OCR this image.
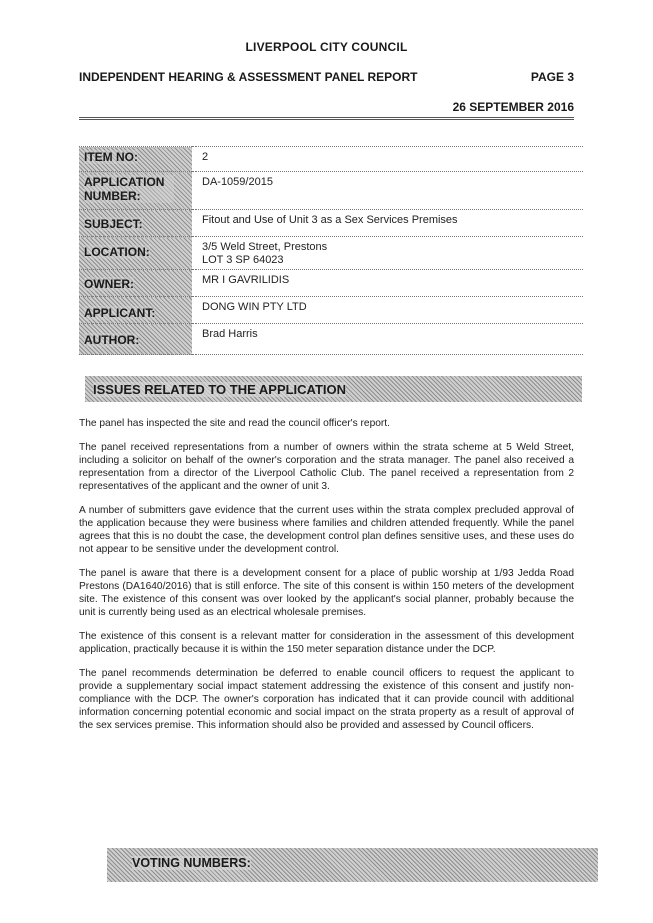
LIVERPOOL CITY COUNCIL
INDEPENDENT HEARING & ASSESSMENT PANEL REPORT	PAGE 3
26 SEPTEMBER 2016
ITEM NO:		2

APPLICATION NUMBER:		DA-1059/2015

SUBJECT:		Fitout and Use of Unit 3 as a Sex Services Premises

LOCATION:		3/5 Weld Street, Prestons
LOT 3 SP 64023

OWNER:		MR I GAVRILIDIS

APPLICANT:		DONG WIN PTY LTD

AUTHOR:		Brad Harris
ISSUES RELATED TO THE APPLICATION

The panel has inspected the site and read the council officer's report.

The panel received representations from a number of owners within the strata scheme at 5 Weld Street, including a solicitor on behalf of the owner's corporation and the strata manager. The panel also received a representation from a director of the Liverpool Catholic Club. The panel received a representation from 2 representatives of the applicant and the owner of unit 3.

A number of submitters gave evidence that the current uses within the strata complex precluded approval of the application because they were business where families and children attended frequently. While the panel agrees that this is no doubt the case, the development control plan defines sensitive uses, and these uses do not appear to be sensitive under the development control.

The panel is aware that there is a development consent for a place of public worship at 1/93 Jedda Road Prestons (DA1640/2016) that is still enforce. The site of this consent is within 150 meters of the development site. The existence of this consent was over looked by the applicant's social planner, probably because the unit is currently being used as an electrical wholesale premises.

The existence of this consent is a relevant matter for consideration in the assessment of this development application, practically because it is within the 150 meter separation distance under the DCP.

The panel recommends determination be deferred to enable council officers to request the applicant to provide a supplementary social impact statement addressing the existence of this consent and justify non-compliance with the DCP. The owner's corporation has indicated that it can provide council with additional information concerning potential economic and social impact on the strata property as a result of approval of the sex services premise. This information should also be provided and assessed by Council officers.

VOTING NUMBERS:
